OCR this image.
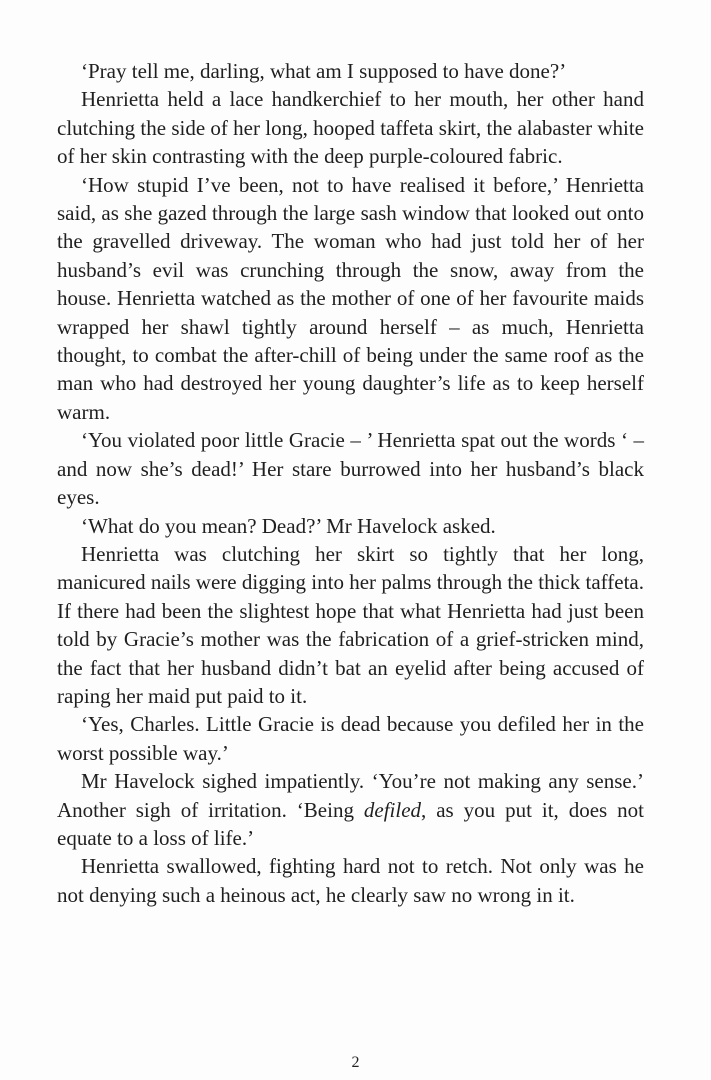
‘Pray tell me, darling, what am I supposed to have done?’

Henrietta held a lace handkerchief to her mouth, her other hand clutching the side of her long, hooped taffeta skirt, the alabaster white of her skin contrasting with the deep purple-coloured fabric.

‘How stupid I’ve been, not to have realised it before,’ Henrietta said, as she gazed through the large sash window that looked out onto the gravelled driveway. The woman who had just told her of her husband’s evil was crunching through the snow, away from the house. Henrietta watched as the mother of one of her favourite maids wrapped her shawl tightly around herself – as much, Henrietta thought, to combat the after-chill of being under the same roof as the man who had destroyed her young daughter’s life as to keep herself warm.

‘You violated poor little Gracie – ’ Henrietta spat out the words ‘ – and now she’s dead!’ Her stare burrowed into her husband’s black eyes.

‘What do you mean? Dead?’ Mr Havelock asked.

Henrietta was clutching her skirt so tightly that her long, manicured nails were digging into her palms through the thick taffeta. If there had been the slightest hope that what Henrietta had just been told by Gracie’s mother was the fabrication of a grief-stricken mind, the fact that her husband didn’t bat an eyelid after being accused of raping her maid put paid to it.

‘Yes, Charles. Little Gracie is dead because you defiled her in the worst possible way.’

Mr Havelock sighed impatiently. ‘You’re not making any sense.’ Another sigh of irritation. ‘Being defiled, as you put it, does not equate to a loss of life.’

Henrietta swallowed, fighting hard not to retch. Not only was he not denying such a heinous act, he clearly saw no wrong in it.

2
